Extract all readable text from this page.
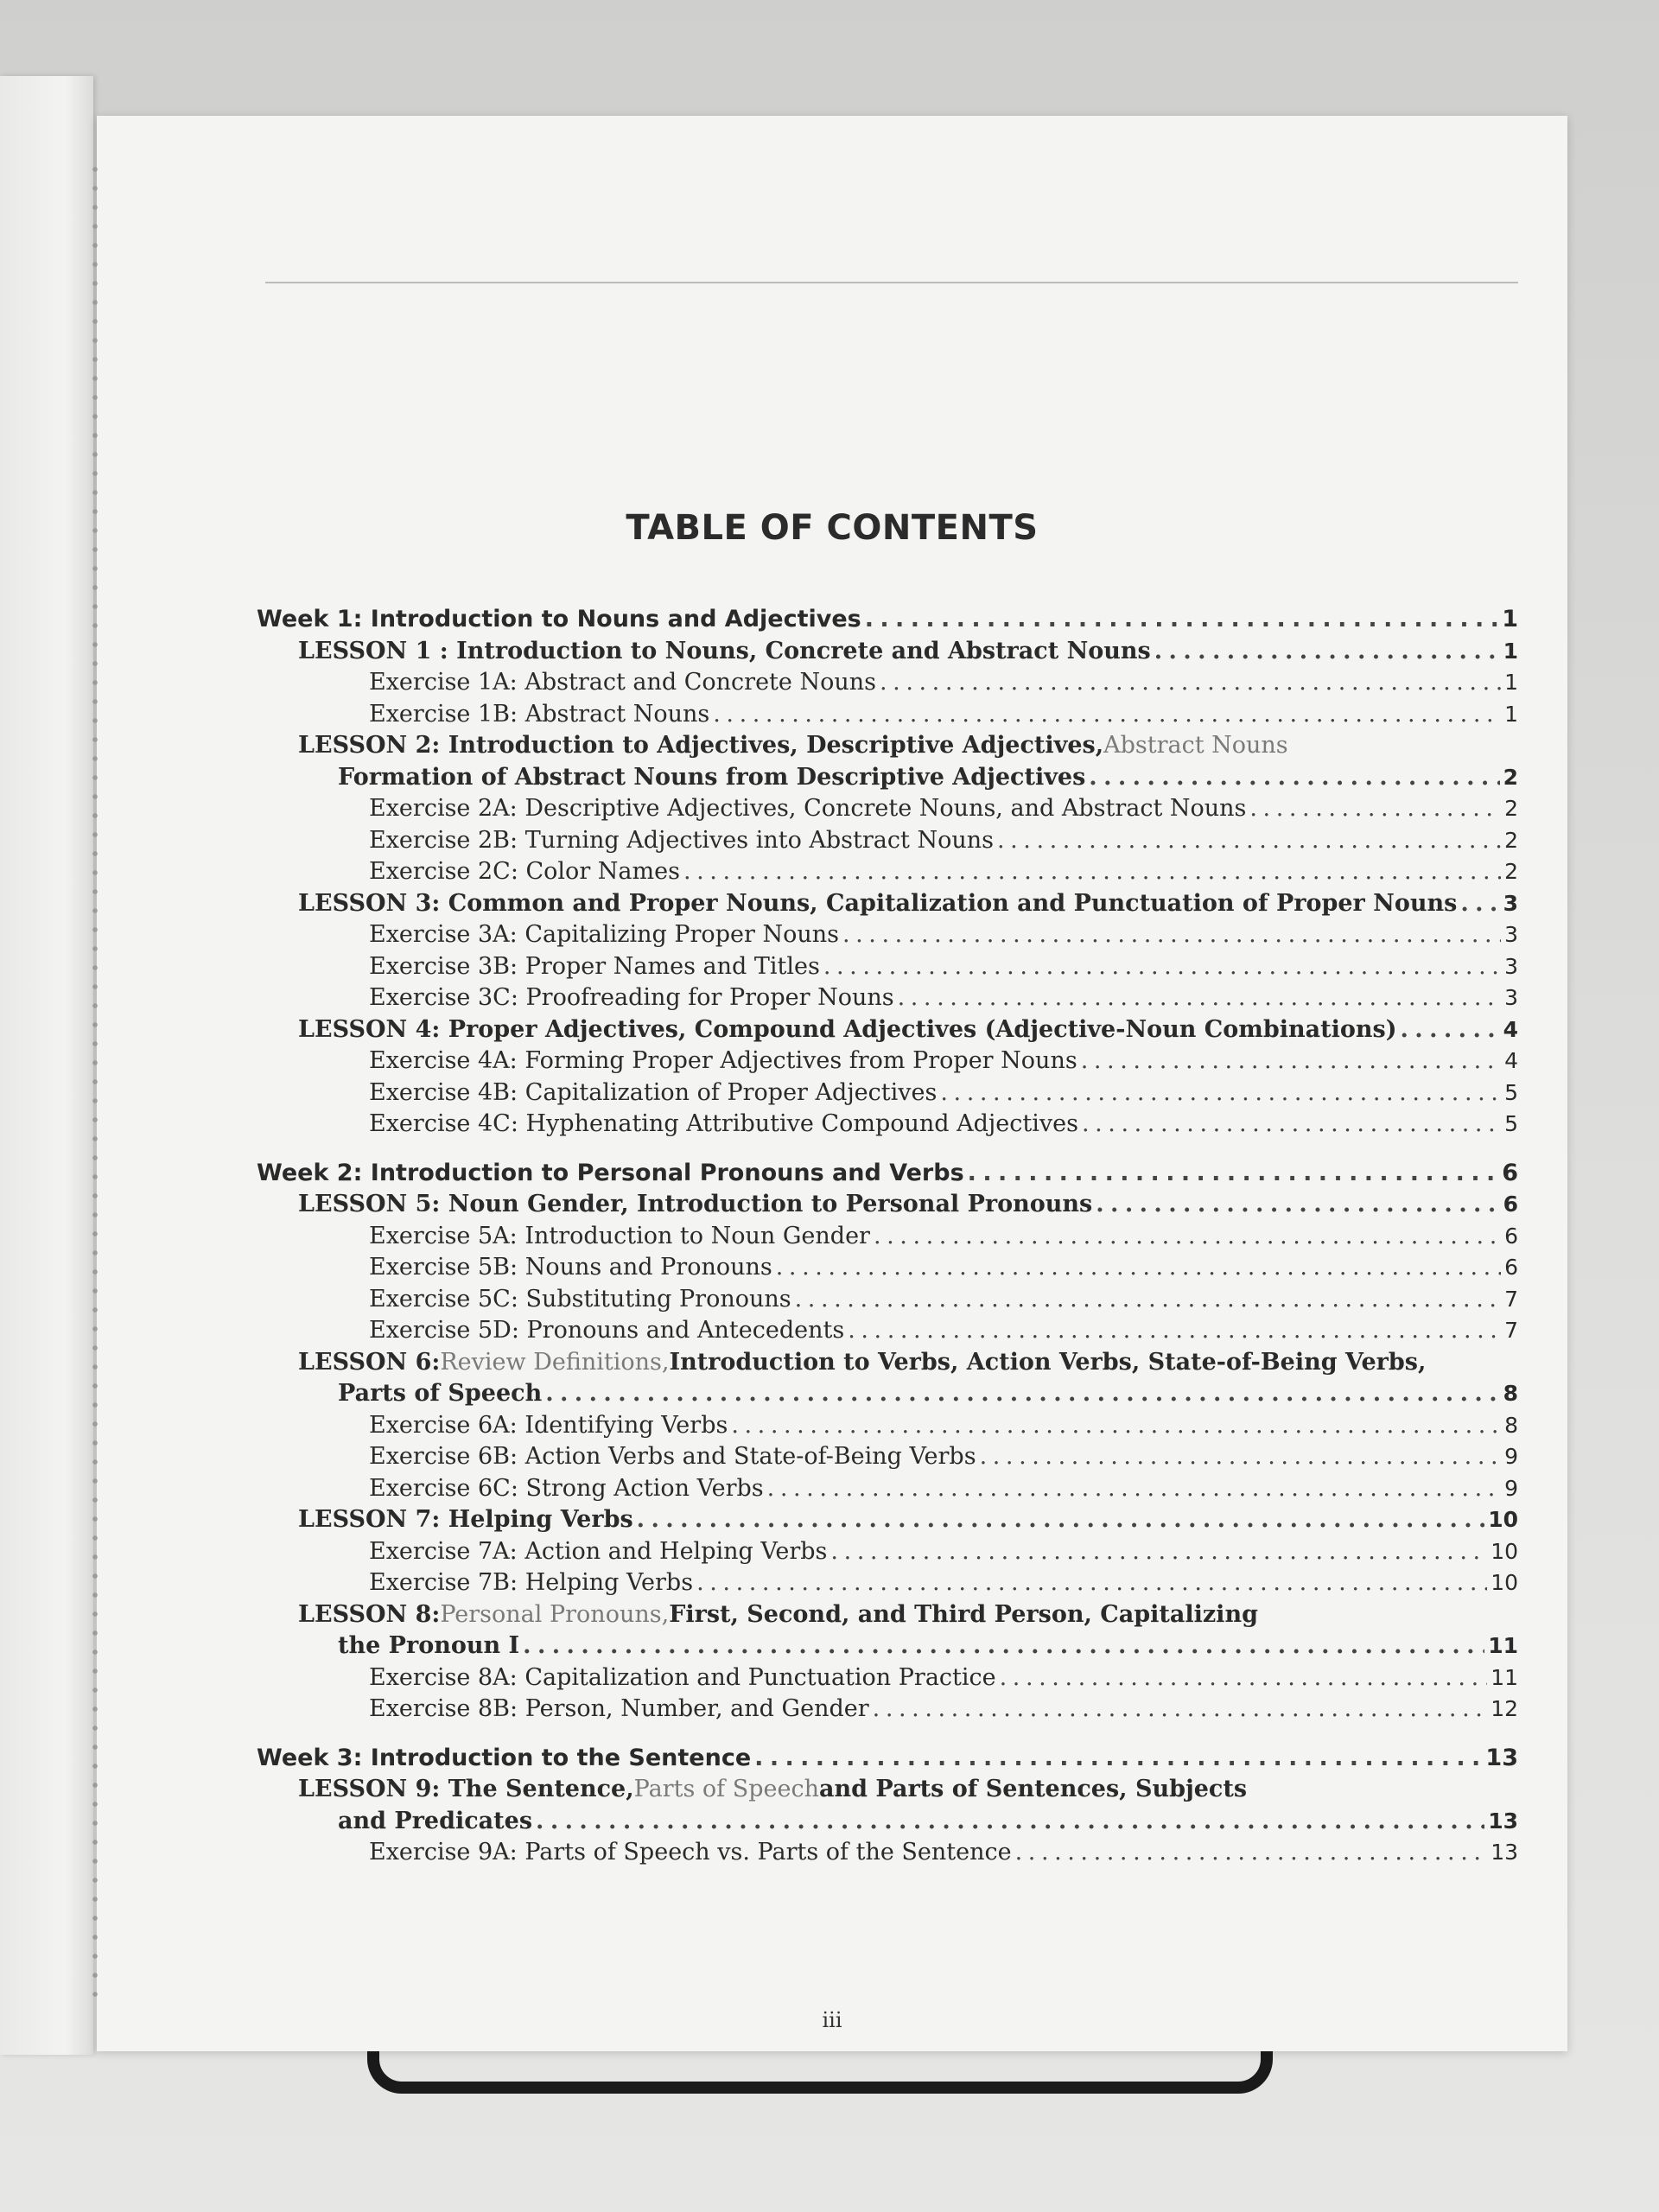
TABLE OF CONTENTS
Week 1: Introduction to Nouns and Adjectives . . .	1
LESSON 1 : Introduction to Nouns, Concrete and Abstract Nouns . . .	1
Exercise 1A: Abstract and Concrete Nouns . . .	1
Exercise 1B: Abstract Nouns . . .	1
LESSON 2: Introduction to Adjectives, Descriptive Adjectives, Abstract Nouns
Formation of Abstract Nouns from Descriptive Adjectives . . .	2
Exercise 2A: Descriptive Adjectives, Concrete Nouns, and Abstract Nouns . . .	2
Exercise 2B: Turning Adjectives into Abstract Nouns . . .	2
Exercise 2C: Color Names . . .	2
LESSON 3: Common and Proper Nouns, Capitalization and Punctuation of Proper Nouns . . . 3
Exercise 3A: Capitalizing Proper Nouns . . .	3
Exercise 3B: Proper Names and Titles . . .	3
Exercise 3C: Proofreading for Proper Nouns . . .	3
LESSON 4: Proper Adjectives, Compound Adjectives (Adjective-Noun Combinations) . . .	4
Exercise 4A: Forming Proper Adjectives from Proper Nouns . . .	4
Exercise 4B: Capitalization of Proper Adjectives . . .	5
Exercise 4C: Hyphenating Attributive Compound Adjectives . . .	5
Week 2: Introduction to Personal Pronouns and Verbs . . .	6
LESSON 5: Noun Gender, Introduction to Personal Pronouns . . .	6
Exercise 5A: Introduction to Noun Gender . . .	6
Exercise 5B: Nouns and Pronouns . . .	6
Exercise 5C: Substituting Pronouns . . .	7
Exercise 5D: Pronouns and Antecedents . . .	7
LESSON 6: Review Definitions, Introduction to Verbs, Action Verbs, State-of-Being Verbs,
Parts of Speech . . .	8
Exercise 6A: Identifying Verbs . . .	8
Exercise 6B: Action Verbs and State-of-Being Verbs . . .	9
Exercise 6C: Strong Action Verbs . . .	9
LESSON 7: Helping Verbs . . .	10
Exercise 7A: Action and Helping Verbs . . .	10
Exercise 7B: Helping Verbs . . .	10
LESSON 8: Personal Pronouns, First, Second, and Third Person, Capitalizing
the Pronoun I . . .	11
Exercise 8A: Capitalization and Punctuation Practice . . .	11
Exercise 8B: Person, Number, and Gender . . .	12
Week 3: Introduction to the Sentence . . .	13
LESSON 9: The Sentence, Parts of Speech and Parts of Sentences, Subjects
and Predicates . . .	13
Exercise 9A: Parts of Speech vs. Parts of the Sentence . . .	13
iii
